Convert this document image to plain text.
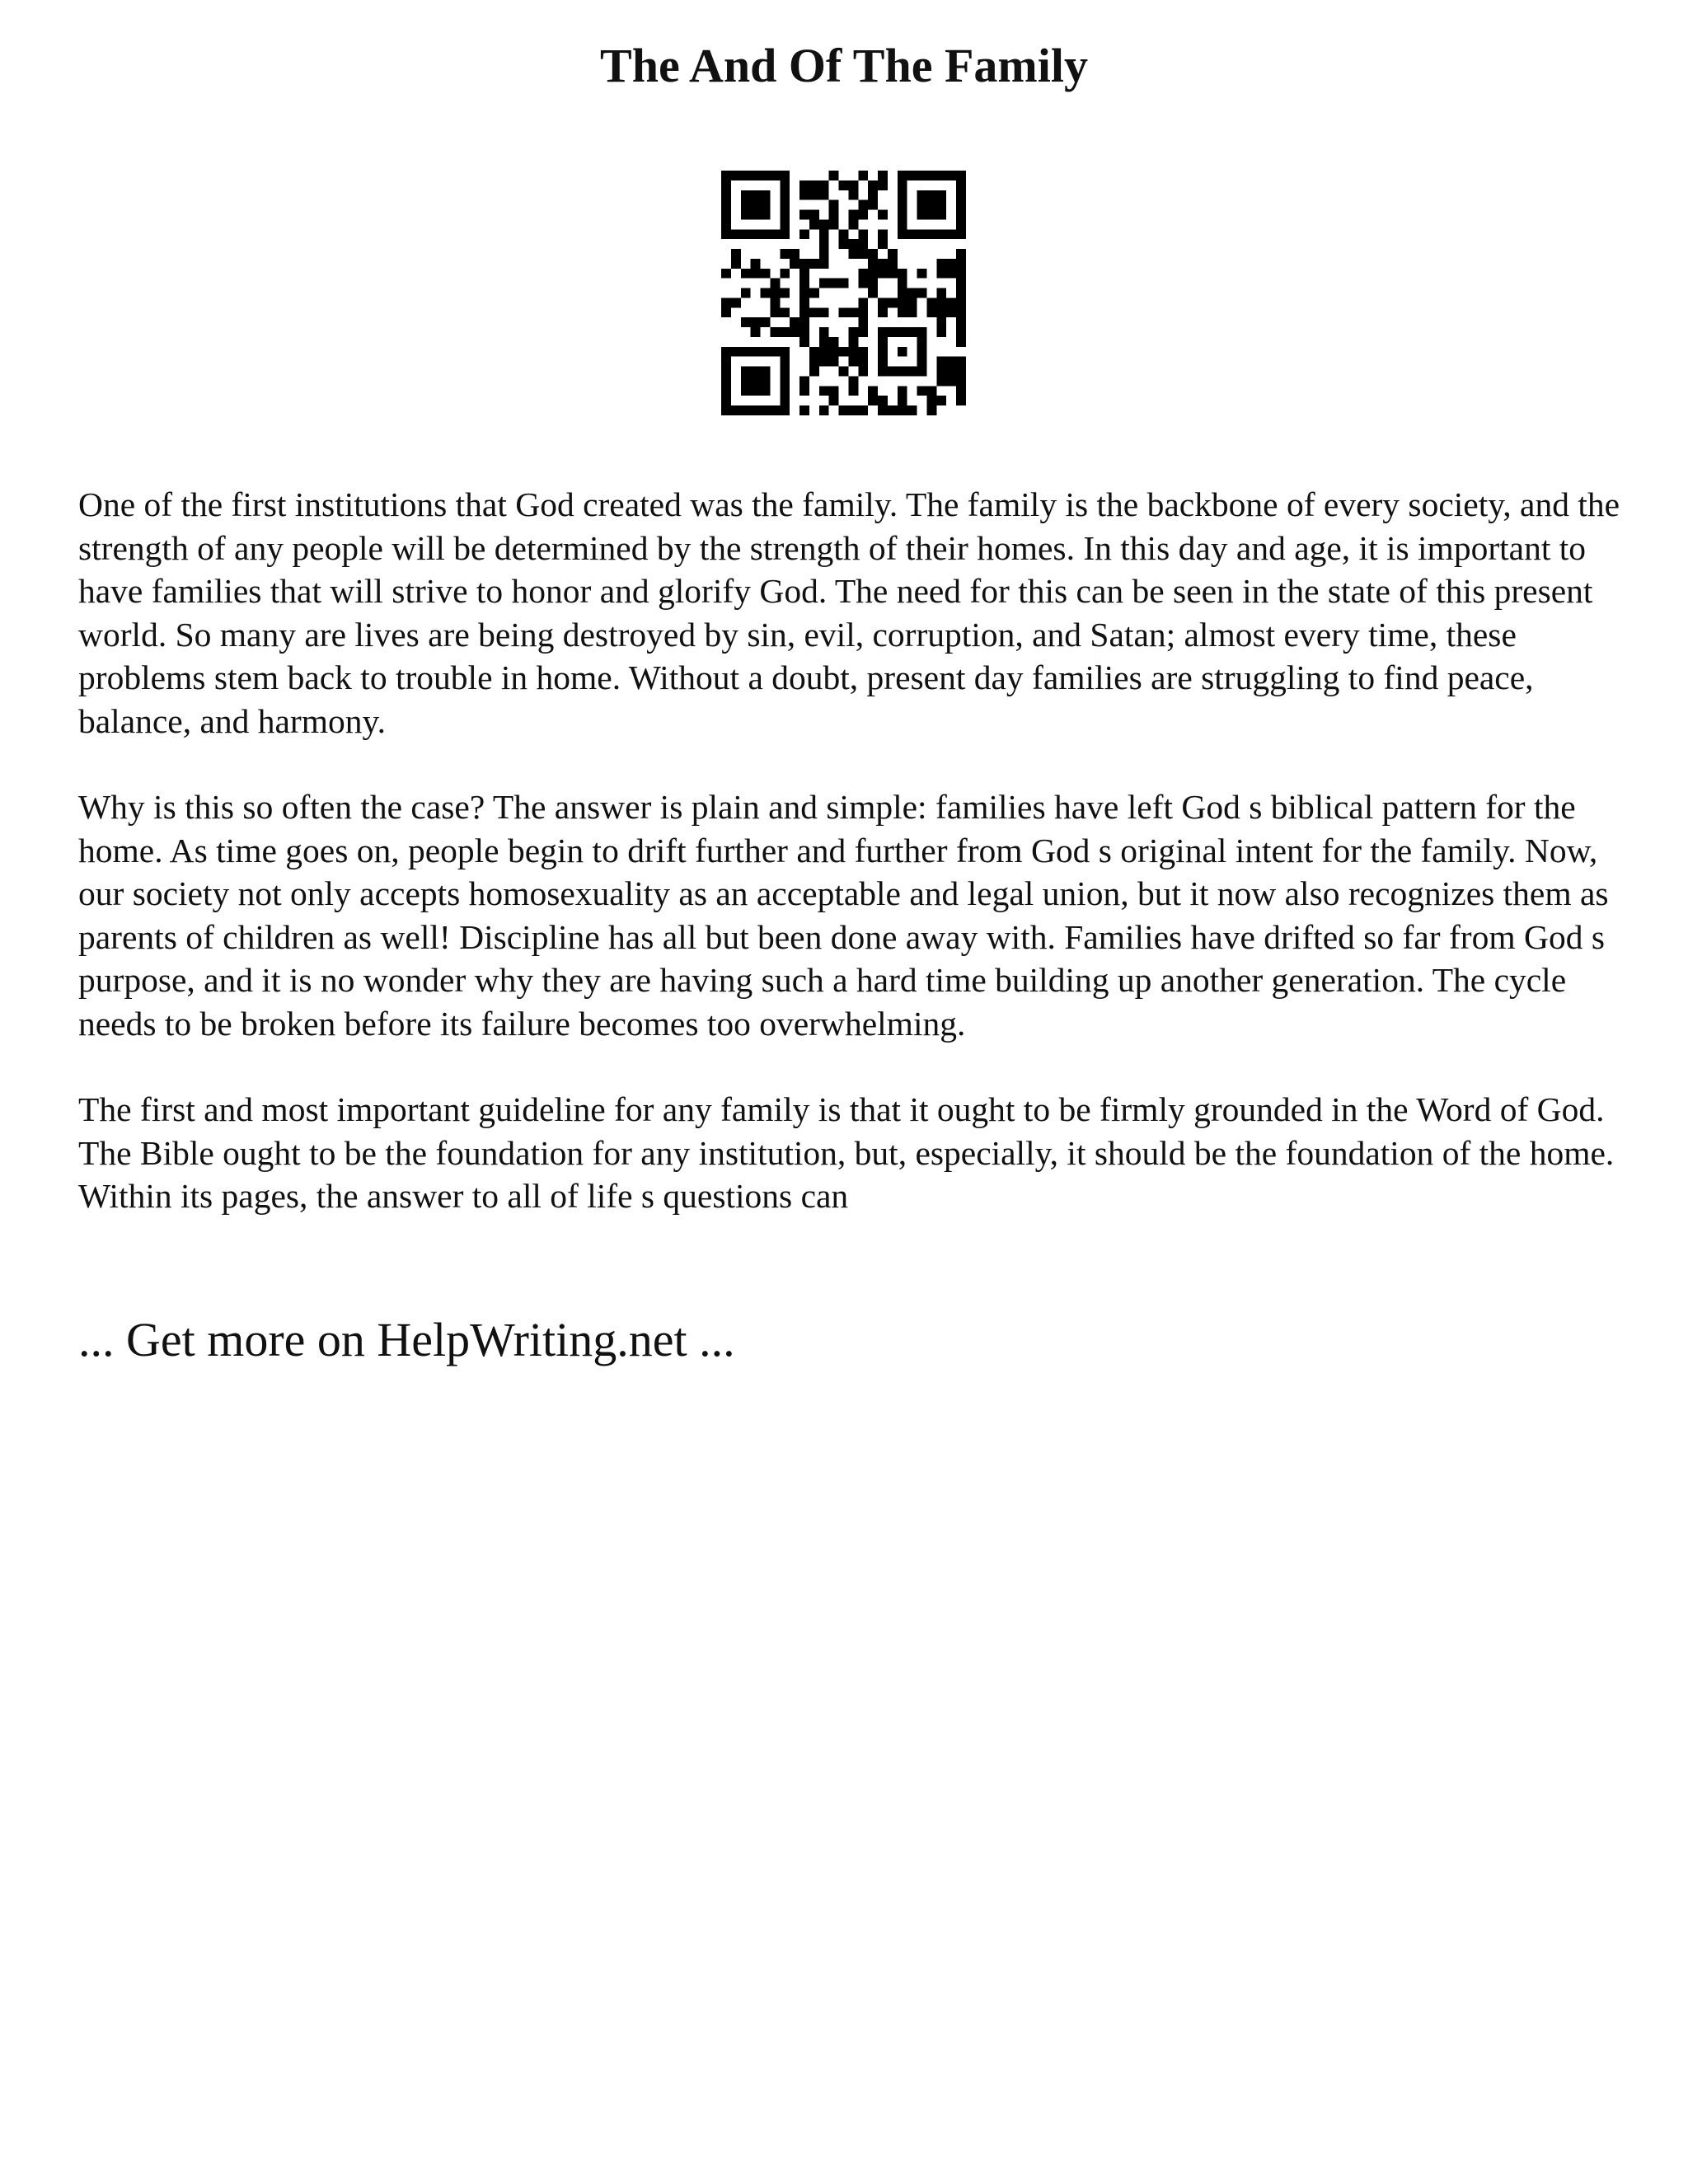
The And Of The Family

One of the first institutions that God created was the family. The family is the backbone of every society, and the strength of any people will be determined by the strength of their homes. In this day and age, it is important to have families that will strive to honor and glorify God. The need for this can be seen in the state of this present world. So many are lives are being destroyed by sin, evil, corruption, and Satan; almost every time, these problems stem back to trouble in home. Without a doubt, present day families are struggling to find peace, balance, and harmony.

Why is this so often the case? The answer is plain and simple: families have left God s biblical pattern for the home. As time goes on, people begin to drift further and further from God s original intent for the family. Now, our society not only accepts homosexuality as an acceptable and legal union, but it now also recognizes them as parents of children as well! Discipline has all but been done away with. Families have drifted so far from God s purpose, and it is no wonder why they are having such a hard time building up another generation. The cycle needs to be broken before its failure becomes too overwhelming.

The first and most important guideline for any family is that it ought to be firmly grounded in the Word of God. The Bible ought to be the foundation for any institution, but, especially, it should be the foundation of the home. Within its pages, the answer to all of life s questions can

... Get more on HelpWriting.net ...
